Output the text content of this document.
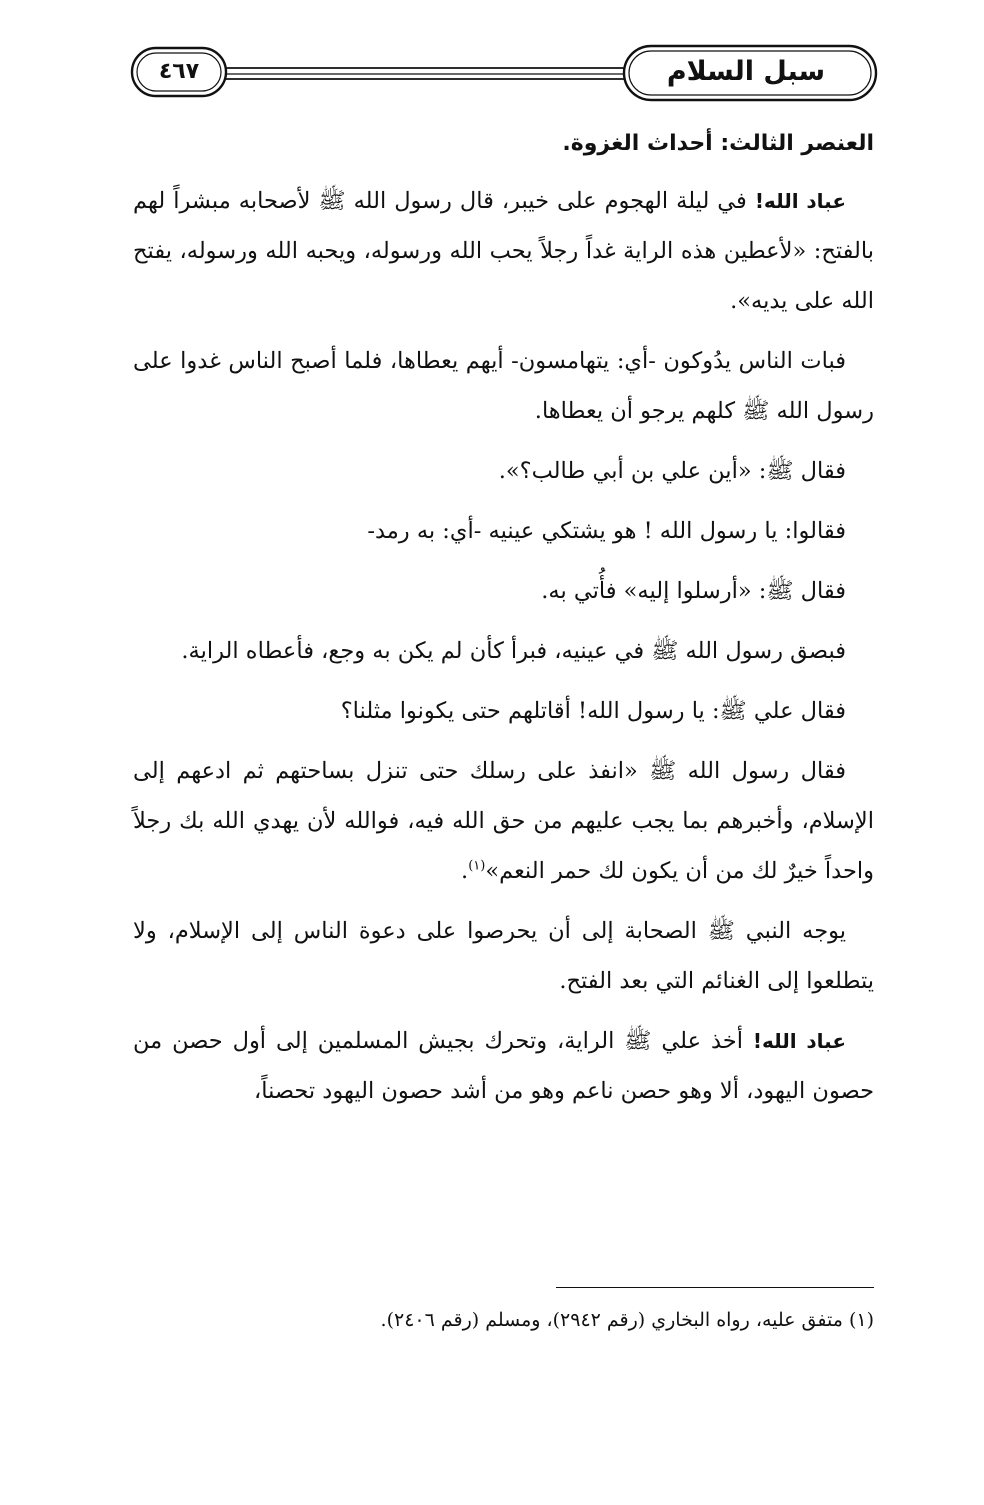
سبل السلام
٤٦٧
العنصر الثالث: أحداث الغزوة.

عباد الله! في ليلة الهجوم على خيبر، قال رسول الله ﷺ لأصحابه مبشراً لهم بالفتح: «لأعطين هذه الراية غداً رجلاً يحب الله ورسوله، ويحبه الله ورسوله، يفتح الله على يديه».

فبات الناس يدُوكون -أي: يتهامسون- أيهم يعطاها، فلما أصبح الناس غدوا على رسول الله ﷺ كلهم يرجو أن يعطاها.

فقال ﷺ: «أين علي بن أبي طالب؟».

فقالوا: يا رسول الله ! هو يشتكي عينيه -أي: به رمد-

فقال ﷺ: «أرسلوا إليه» فأُتي به.

فبصق رسول الله ﷺ في عينيه، فبرأ كأن لم يكن به وجع، فأعطاه الراية.

فقال علي ﷺ: يا رسول الله! أقاتلهم حتى يكونوا مثلنا؟

فقال رسول الله ﷺ «انفذ على رسلك حتى تنزل بساحتهم ثم ادعهم إلى الإسلام، وأخبرهم بما يجب عليهم من حق الله فيه، فوالله لأن يهدي الله بك رجلاً واحداً خيرٌ لك من أن يكون لك حمر النعم»$^{(١)}$.

يوجه النبي ﷺ الصحابة إلى أن يحرصوا على دعوة الناس إلى الإسلام، ولا يتطلعوا إلى الغنائم التي بعد الفتح.

عباد الله! أخذ علي ﷺ الراية، وتحرك بجيش المسلمين إلى أول حصن من حصون اليهود، ألا وهو حصن ناعم وهو من أشد حصون اليهود تحصناً،

(١) متفق عليه، رواه البخاري (رقم ٢٩٤٢)، ومسلم (رقم ٢٤٠٦).
